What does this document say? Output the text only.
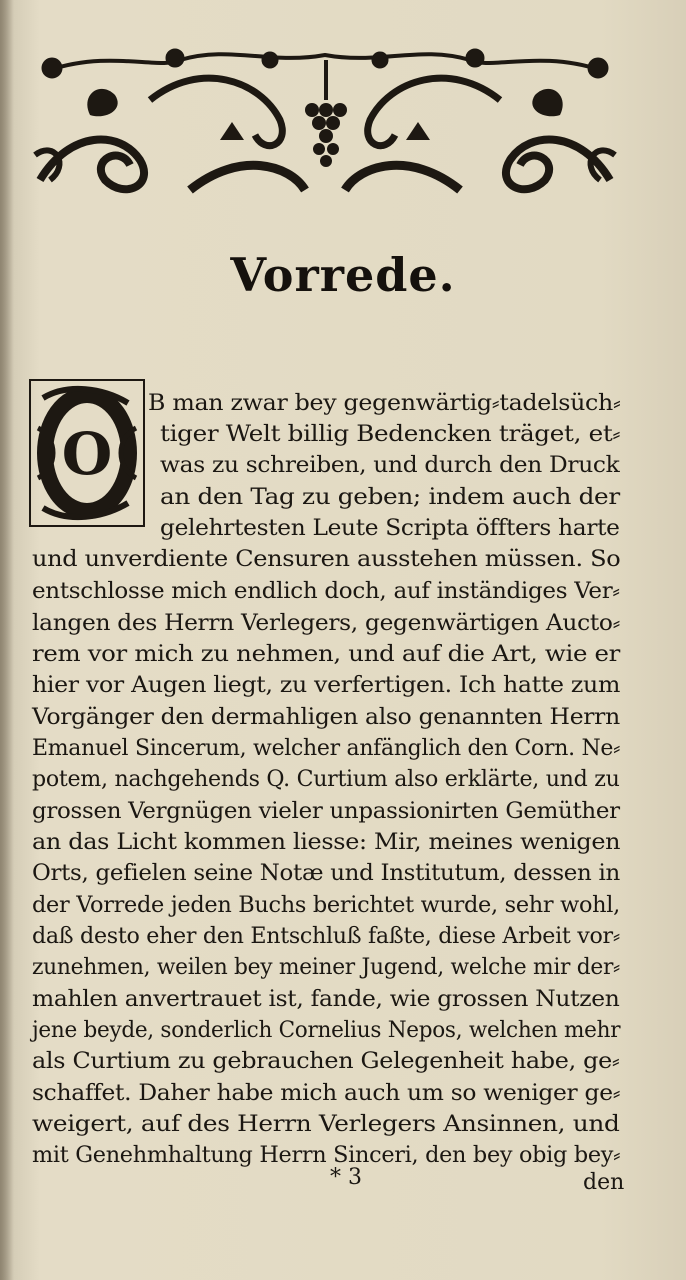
Vorrede.
O
B man zwar bey gegenwärtig⸗tadelsüch⸗
tiger Welt billig Bedencken träget, et⸗
was zu schreiben, und durch den Druck
an den Tag zu geben; indem auch der
gelehrtesten Leute Scripta öffters harte
und unverdiente Censuren ausstehen müssen. So
entschlosse mich endlich doch, auf inständiges Ver⸗
langen des Herrn Verlegers, gegenwärtigen Aucto⸗
rem vor mich zu nehmen, und auf die Art, wie er
hier vor Augen liegt, zu verfertigen. Ich hatte zum
Vorgänger den dermahligen also genannten Herrn
Emanuel Sincerum, welcher anfänglich den Corn. Ne⸗
potem, nachgehends Q. Curtium also erklärte, und zu
grossen Vergnügen vieler unpassionirten Gemüther
an das Licht kommen liesse: Mir, meines wenigen
Orts, gefielen seine Notæ und Institutum, dessen in
der Vorrede jeden Buchs berichtet wurde, sehr wohl,
daß desto eher den Entschluß faßte, diese Arbeit vor⸗
zunehmen, weilen bey meiner Jugend, welche mir der⸗
mahlen anvertrauet ist, fande, wie grossen Nutzen
jene beyde, sonderlich Cornelius Nepos, welchen mehr
als Curtium zu gebrauchen Gelegenheit habe, ge⸗
schaffet. Daher habe mich auch um so weniger ge⸗
weigert, auf des Herrn Verlegers Ansinnen, und
mit Genehmhaltung Herrn Sinceri, den bey obig bey⸗
* 3	den
